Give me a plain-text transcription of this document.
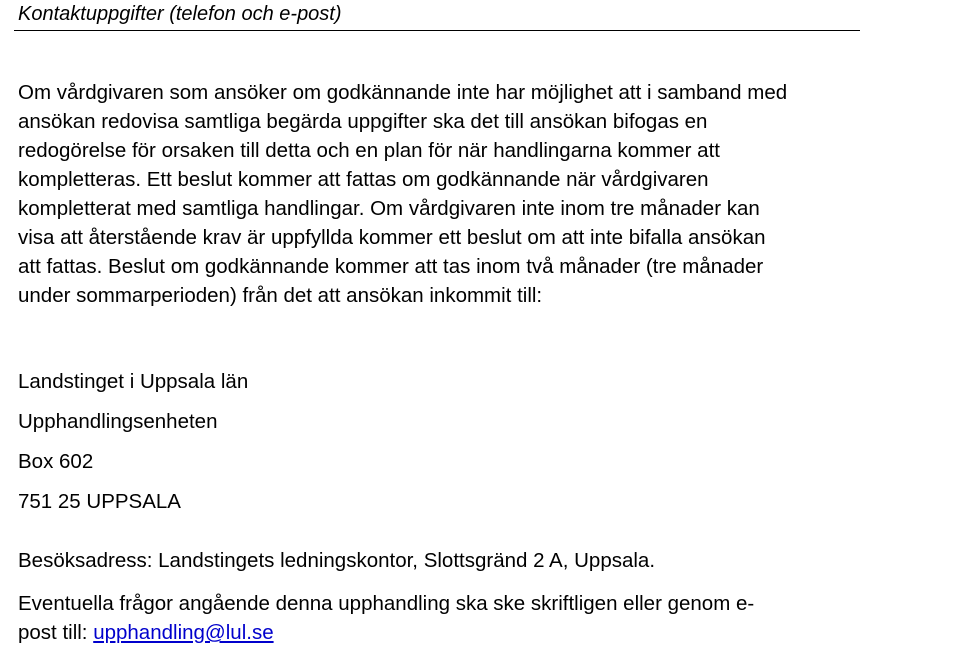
Kontaktuppgifter (telefon och e-post)
Om vårdgivaren som ansöker om godkännande inte har möjlighet att i samband med
ansökan redovisa samtliga begärda uppgifter ska det till ansökan bifogas en
redogörelse för orsaken till detta och en plan för när handlingarna kommer att
kompletteras. Ett beslut kommer att fattas om godkännande när vårdgivaren
kompletterat med samtliga handlingar. Om vårdgivaren inte inom tre månader kan
visa att återstående krav är uppfyllda kommer ett beslut om att inte bifalla ansökan
att fattas. Beslut om godkännande kommer att tas inom två månader (tre månader
under sommarperioden) från det att ansökan inkommit till:
Landstinget i Uppsala län
Upphandlingsenheten
Box 602
751 25 UPPSALA
Besöksadress: Landstingets ledningskontor, Slottsgränd 2 A, Uppsala.
Eventuella frågor angående denna upphandling ska ske skriftligen eller genom e-
post till: upphandling@lul.se
